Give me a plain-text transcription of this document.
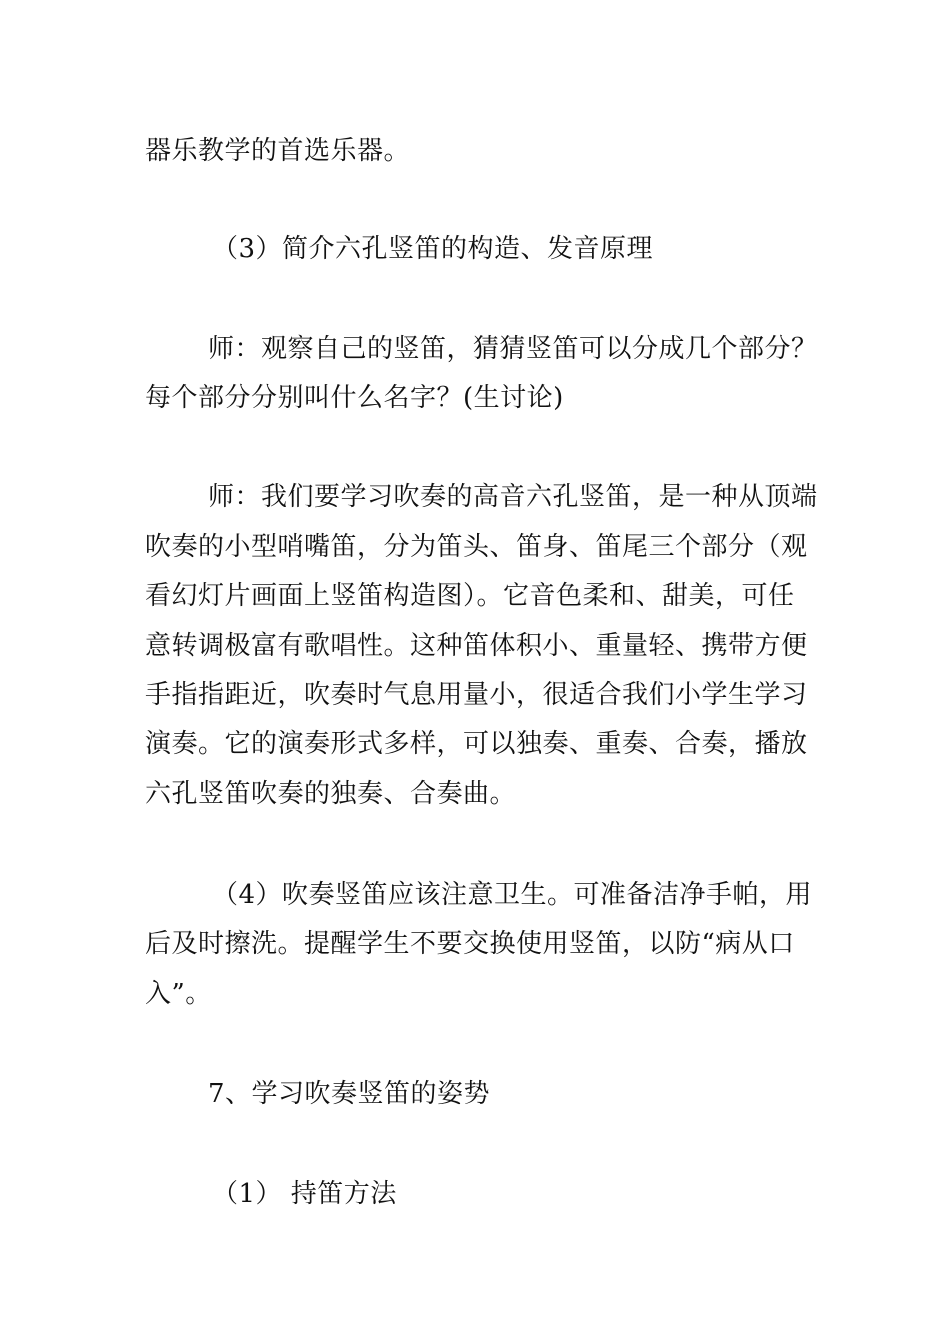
器乐教学的首选乐器。
（3）简介六孔竖笛的构造、发音原理
师：观察自己的竖笛，猜猜竖笛可以分成几个部分？
每个部分分别叫什么名字？(生讨论)
师：我们要学习吹奏的高音六孔竖笛，是一种从顶端
吹奏的小型哨嘴笛，分为笛头、笛身、笛尾三个部分（观
看幻灯片画面上竖笛构造图）。它音色柔和、甜美，可任
意转调极富有歌唱性。这种笛体积小、重量轻、携带方便
手指指距近，吹奏时气息用量小，很适合我们小学生学习
演奏。它的演奏形式多样，可以独奏、重奏、合奏，播放
六孔竖笛吹奏的独奏、合奏曲。
（4）吹奏竖笛应该注意卫生。可准备洁净手帕，用
后及时擦洗。提醒学生不要交换使用竖笛，以防“病从口
入”。
7、学习吹奏竖笛的姿势
（1） 持笛方法
